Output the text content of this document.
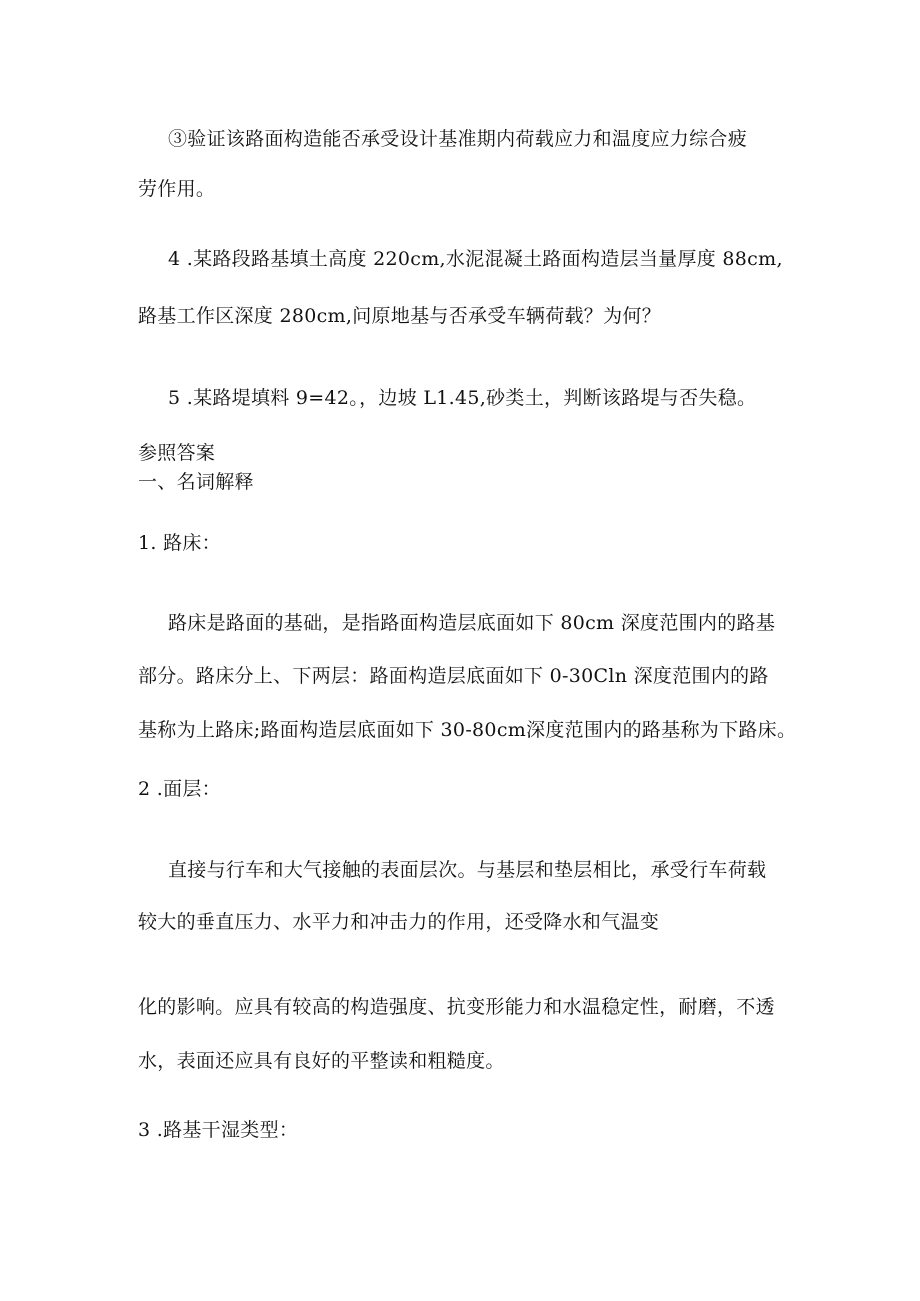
③验证该路面构造能否承受设计基准期内荷载应力和温度应力综合疲
劳作用。
4 .某路段路基填土高度 220cm,水泥混凝土路面构造层当量厚度 88cm,
路基工作区深度 280cm,问原地基与否承受车辆荷载？为何？
5 .某路堤填料 9=42。，边坡 L1.45,砂类土，判断该路堤与否失稳。
参照答案
一、名词解释
1. 路床：
路床是路面的基础，是指路面构造层底面如下 80cm 深度范围内的路基
部分。路床分上、下两层：路面构造层底面如下 0-30Cln 深度范围内的路
基称为上路床;路面构造层底面如下 30-80cm深度范围内的路基称为下路床。
2 .面层：
直接与行车和大气接触的表面层次。与基层和垫层相比，承受行车荷载
较大的垂直压力、水平力和冲击力的作用，还受降水和气温变
化的影响。应具有较高的构造强度、抗变形能力和水温稳定性，耐磨，不透
水，表面还应具有良好的平整读和粗糙度。
3 .路基干湿类型：
